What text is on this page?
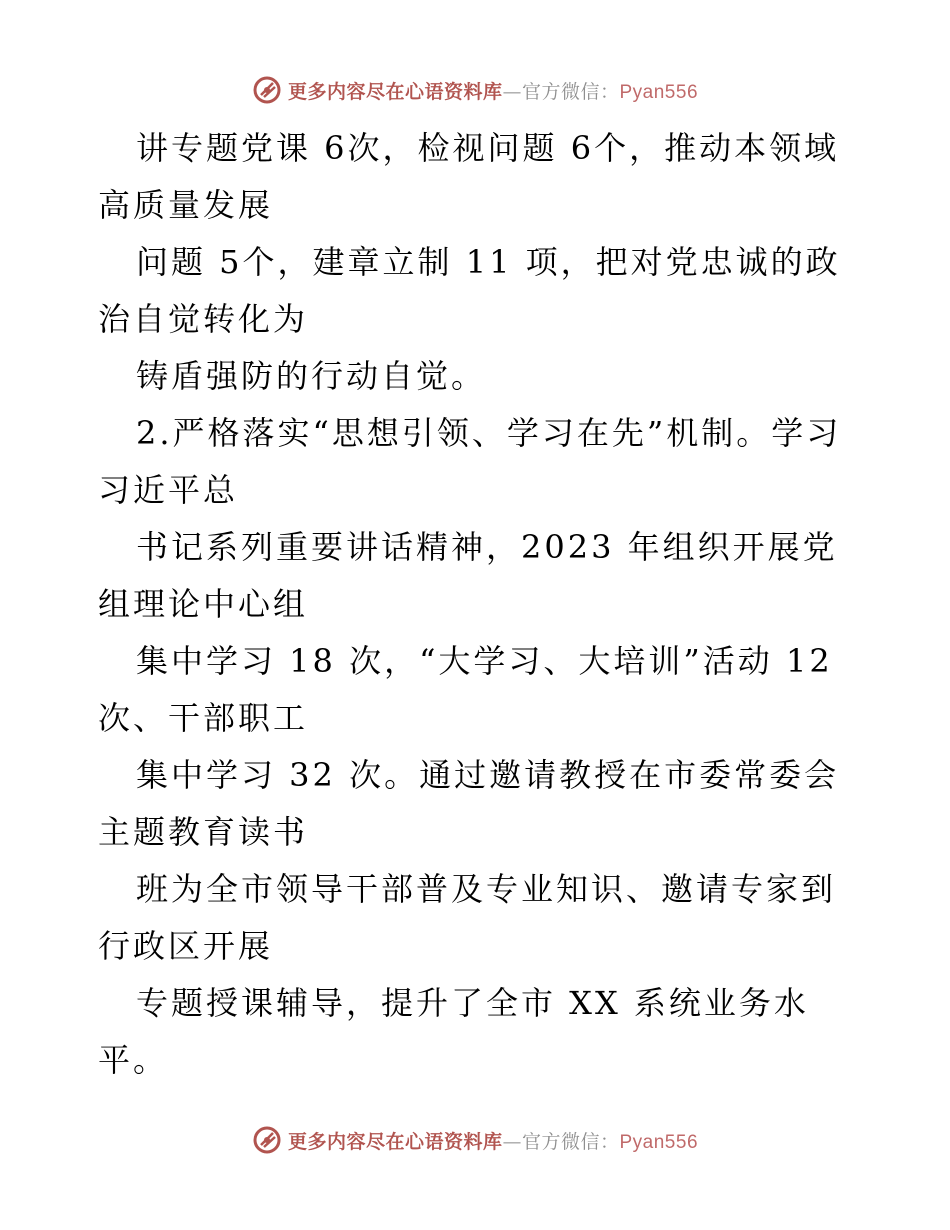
更多内容尽在心语资料库—官方微信：Pyan556
讲专题党课 6次，检视问题 6个，推动本领域高质量发展
问题 5个，建章立制 11 项，把对党忠诚的政治自觉转化为
铸盾强防的行动自觉。
2.严格落实“思想引领、学习在先”机制。学习习近平总
书记系列重要讲话精神，2023 年组织开展党组理论中心组
集中学习 18 次，“大学习、大培训”活动 12次、干部职工
集中学习 32 次。通过邀请教授在市委常委会主题教育读书
班为全市领导干部普及专业知识、邀请专家到行政区开展
专题授课辅导，提升了全市 XX 系统业务水平。
更多内容尽在心语资料库—官方微信：Pyan556
